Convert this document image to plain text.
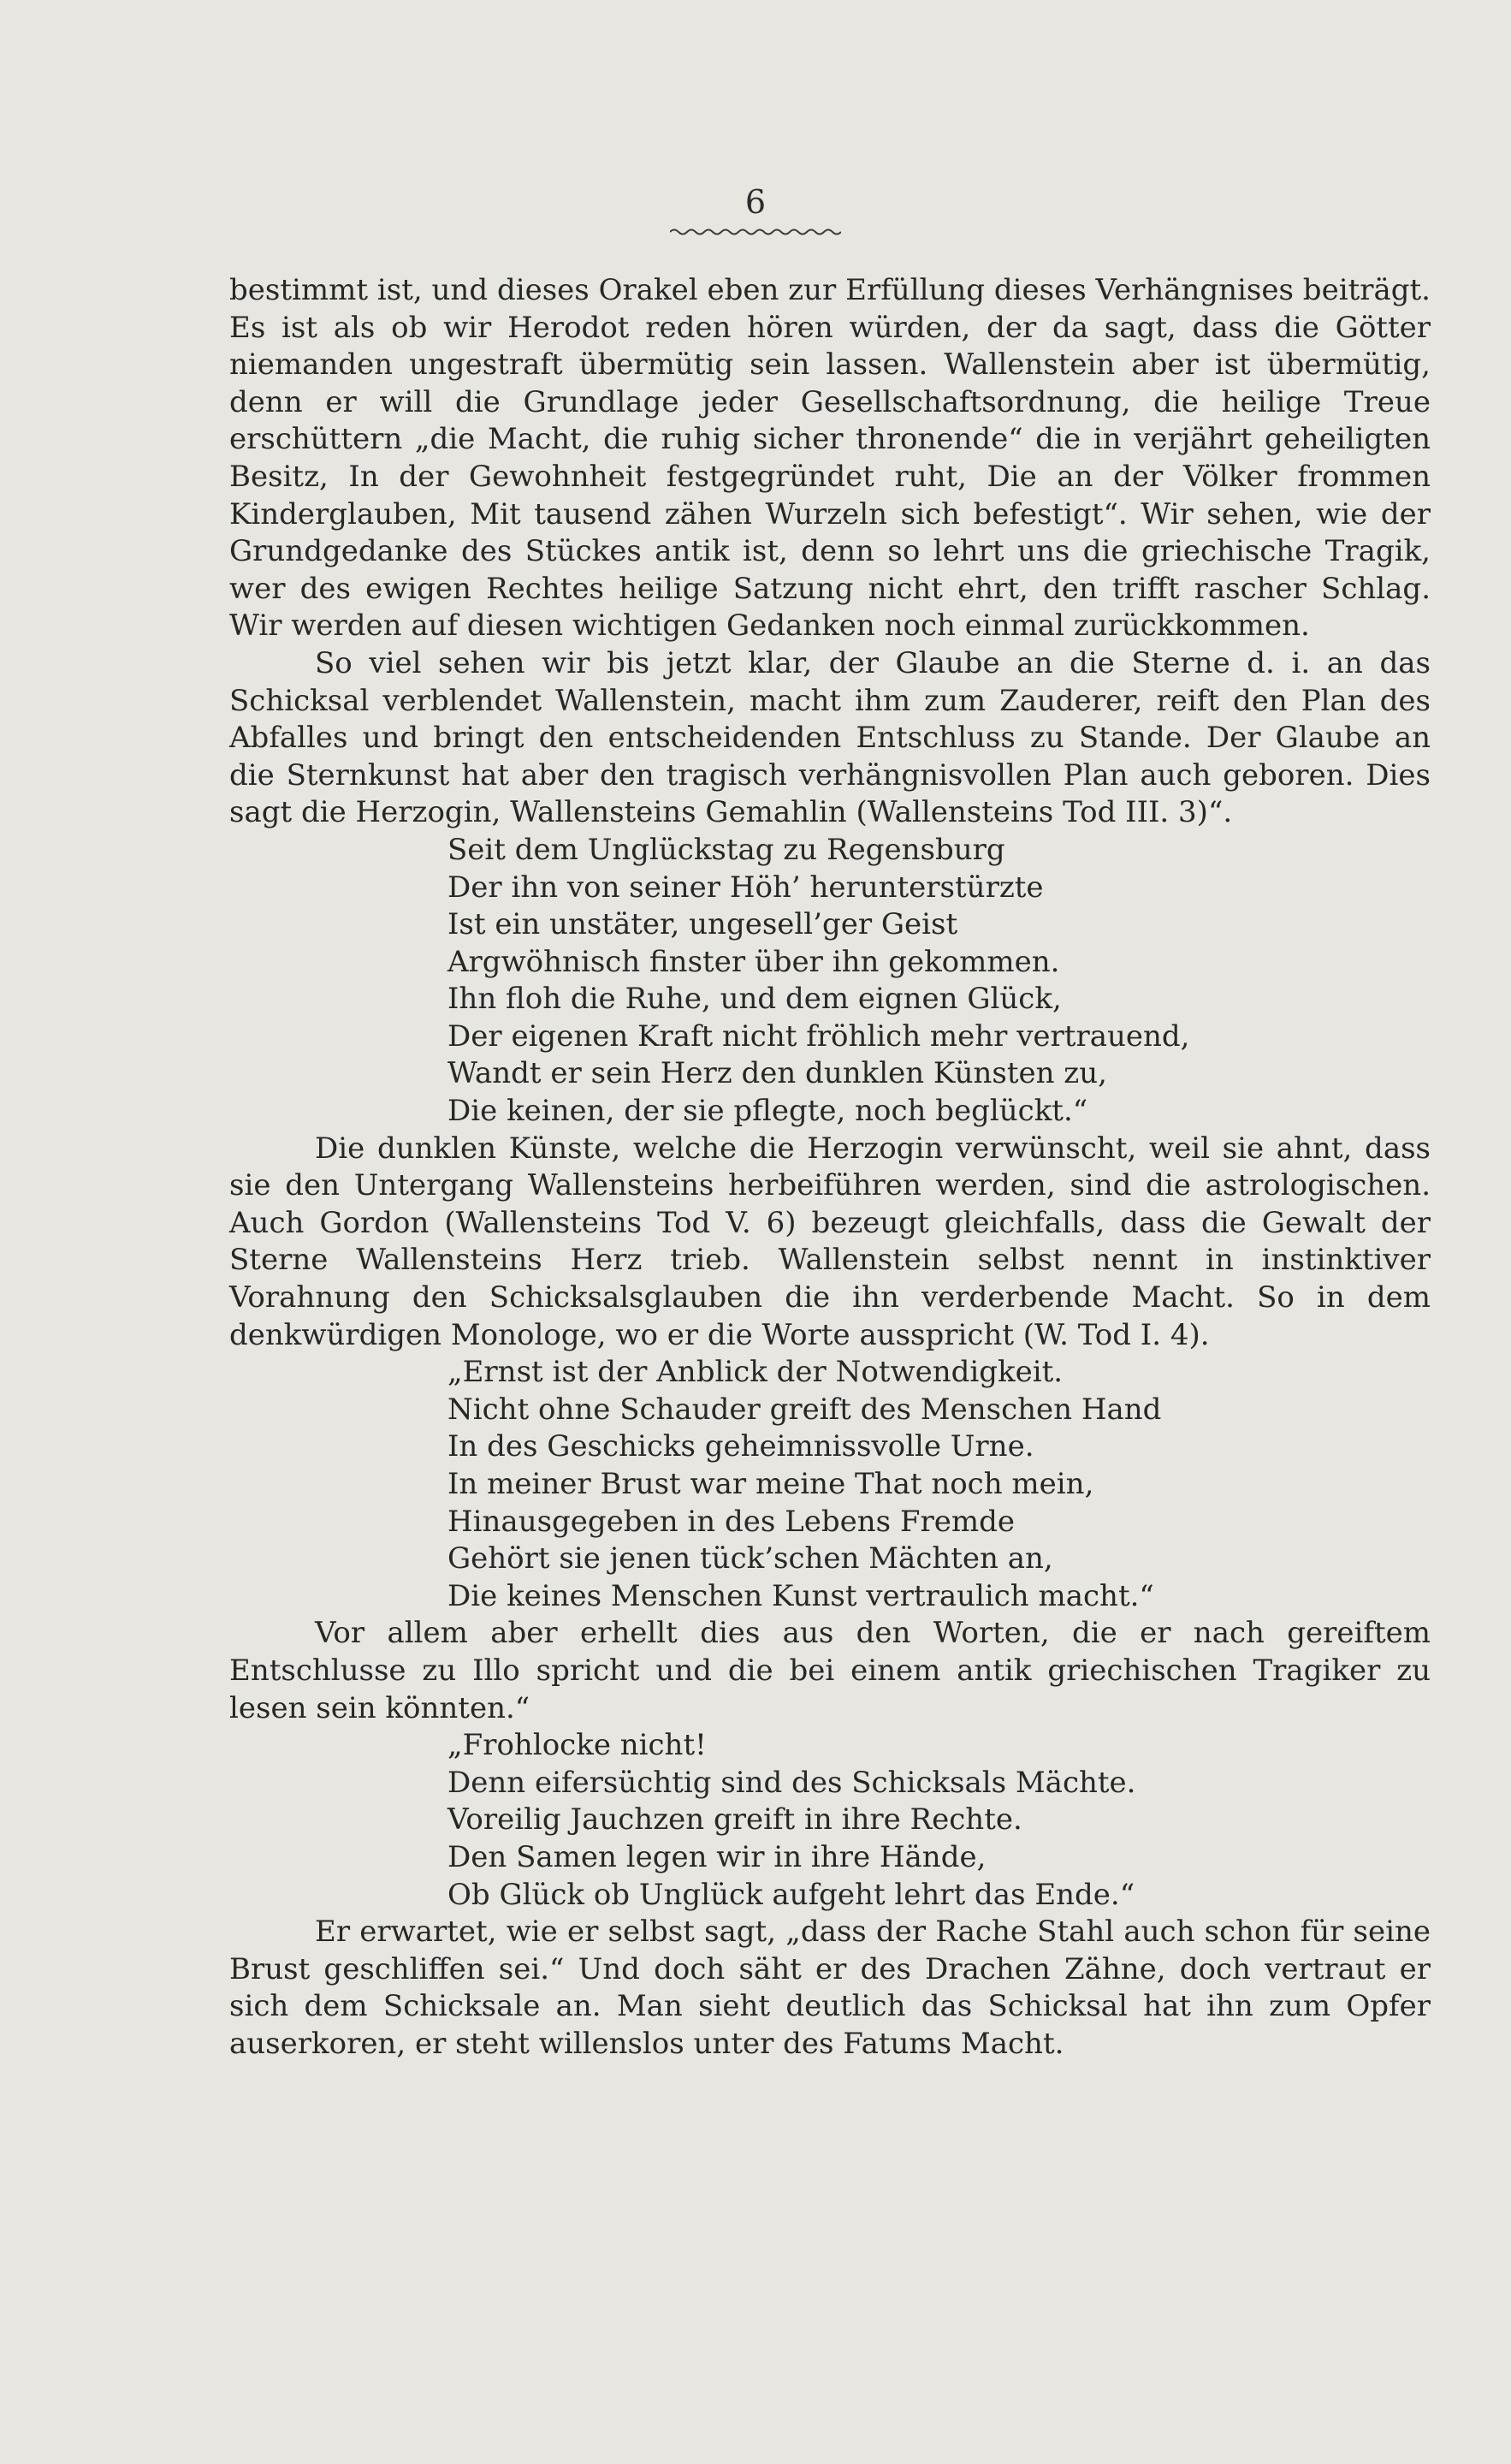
6

bestimmt ist, und dieses Orakel eben zur Erfüllung dieses Verhängnises beiträgt. Es ist als ob wir Herodot reden hören würden, der da sagt, dass die Götter niemanden ungestraft übermütig sein lassen. Wallenstein aber ist übermütig, denn er will die Grundlage jeder Gesellschaftsordnung, die heilige Treue erschüttern „die Macht, die ruhig sicher thronende“ die in verjährt geheiligten Besitz, In der Gewohnheit festgegründet ruht, Die an der Völker frommen Kinderglauben, Mit tausend zähen Wurzeln sich befestigt“. Wir sehen, wie der Grundgedanke des Stückes antik ist, denn so lehrt uns die griechische Tragik, wer des ewigen Rechtes heilige Satzung nicht ehrt, den trifft rascher Schlag. Wir werden auf diesen wichtigen Gedanken noch einmal zurückkommen.

So viel sehen wir bis jetzt klar, der Glaube an die Sterne d. i. an das Schicksal verblendet Wallenstein, macht ihm zum Zauderer, reift den Plan des Abfalles und bringt den entscheidenden Entschluss zu Stande. Der Glaube an die Sternkunst hat aber den tragisch verhängnisvollen Plan auch geboren. Dies sagt die Herzogin, Wallensteins Gemahlin (Wallensteins Tod III. 3)“.

Seit dem Unglückstag zu Regensburg
Der ihn von seiner Höh’ herunterstürzte
Ist ein unstäter, ungesell’ger Geist
Argwöhnisch finster über ihn gekommen.
Ihn floh die Ruhe, und dem eignen Glück,
Der eigenen Kraft nicht fröhlich mehr vertrauend,
Wandt er sein Herz den dunklen Künsten zu,
Die keinen, der sie pflegte, noch beglückt.“

Die dunklen Künste, welche die Herzogin verwünscht, weil sie ahnt, dass sie den Untergang Wallensteins herbeiführen werden, sind die astrologischen. Auch Gordon (Wallensteins Tod V. 6) bezeugt gleichfalls, dass die Gewalt der Sterne Wallensteins Herz trieb. Wallenstein selbst nennt in instinktiver Vorahnung den Schicksalsglauben die ihn verderbende Macht. So in dem denkwürdigen Monologe, wo er die Worte ausspricht (W. Tod I. 4).

„Ernst ist der Anblick der Notwendigkeit.
Nicht ohne Schauder greift des Menschen Hand
In des Geschicks geheimnissvolle Urne.
In meiner Brust war meine That noch mein,
Hinausgegeben in des Lebens Fremde
Gehört sie jenen tück’schen Mächten an,
Die keines Menschen Kunst vertraulich macht.“

Vor allem aber erhellt dies aus den Worten, die er nach gereiftem Entschlusse zu Illo spricht und die bei einem antik griechischen Tragiker zu lesen sein könnten.“

„Frohlocke nicht!
Denn eifersüchtig sind des Schicksals Mächte.
Voreilig Jauchzen greift in ihre Rechte.
Den Samen legen wir in ihre Hände,
Ob Glück ob Unglück aufgeht lehrt das Ende.“

Er erwartet, wie er selbst sagt, „dass der Rache Stahl auch schon für seine Brust geschliffen sei.“ Und doch säht er des Drachen Zähne, doch vertraut er sich dem Schicksale an. Man sieht deutlich das Schicksal hat ihn zum Opfer auserkoren, er steht willenslos unter des Fatums Macht.
